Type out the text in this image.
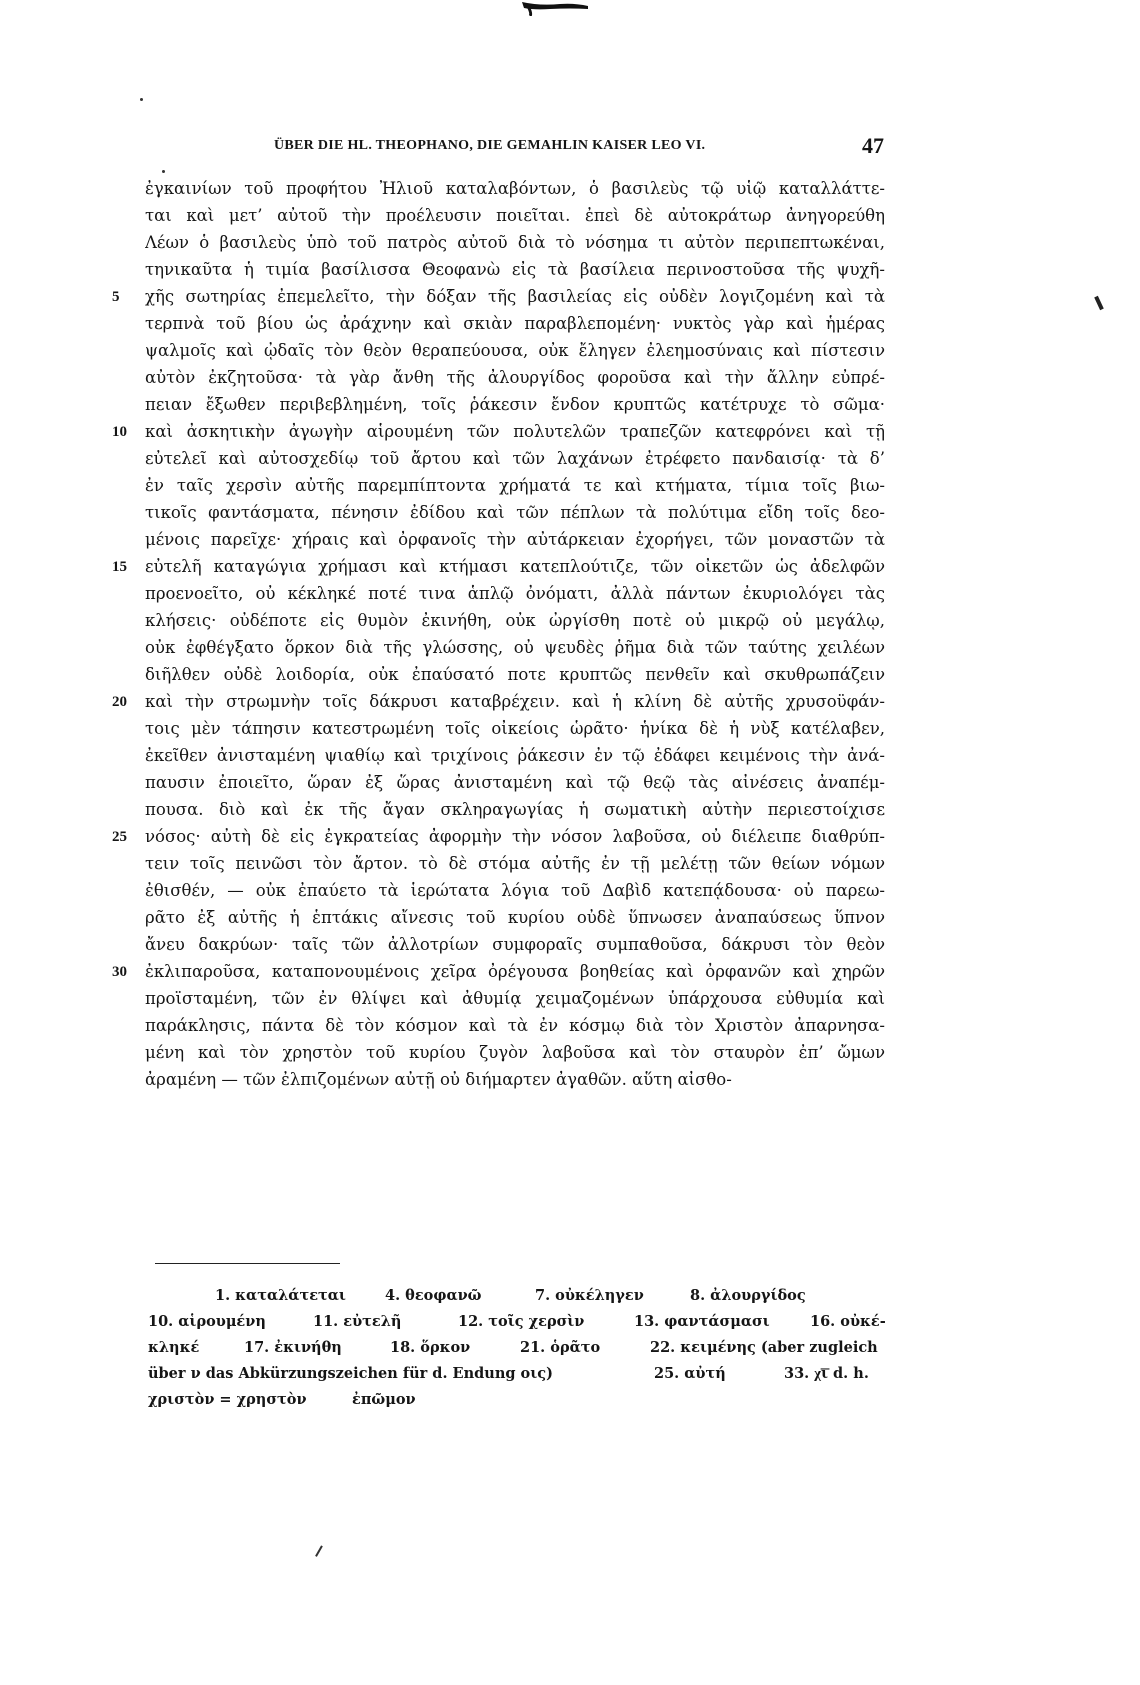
ÜBER DIE HL. THEOPHANO, DIE GEMAHLIN KAISER LEO VI.	47
ἐγκαινίων τοῦ προφήτου Ἠλιοῦ καταλαβόντων, ὁ βασιλεὺς τῷ υἱῷ καταλλάττε-
ται καὶ μετ’ αὐτοῦ τὴν προέλευσιν ποιεῖται. ἐπεὶ δὲ αὐτοκράτωρ ἀνηγορεύθη
Λέων ὁ βασιλεὺς ὑπὸ τοῦ πατρὸς αὐτοῦ διὰ τὸ νόσημα τι αὐτὸν περιπεπτωκέναι,
τηνικαῦτα ἡ τιμία βασίλισσα Θεοφανὼ εἰς τὰ βασίλεια περινοστοῦσα τῆς ψυχῆ-
χῆς σωτηρίας ἐπεμελεῖτο, τὴν δόξαν τῆς βασιλείας εἰς οὐδὲν λογιζομένη καὶ τὰ
τερπνὰ τοῦ βίου ὡς ἀράχνην καὶ σκιὰν παραβλεπομένη· νυκτὸς γὰρ καὶ ἡμέρας
ψαλμοῖς καὶ ᾠδαῖς τὸν θεὸν θεραπεύουσα, οὐκ ἔληγεν ἐλεημοσύναις καὶ πίστεσιν
αὐτὸν ἐκζητοῦσα· τὰ γὰρ ἄνθη τῆς ἀλουργίδος φοροῦσα καὶ τὴν ἄλλην εὐπρέ-
πειαν ἔξωθεν περιβεβλημένη, τοῖς ῥάκεσιν ἔνδον κρυπτῶς κατέτρυχε τὸ σῶμα·
καὶ ἀσκητικὴν ἀγωγὴν αἱρουμένη τῶν πολυτελῶν τραπεζῶν κατεφρόνει καὶ τῇ
εὐτελεῖ καὶ αὐτοσχεδίῳ τοῦ ἄρτου καὶ τῶν λαχάνων ἐτρέφετο πανδαισίᾳ· τὰ δ’
ἐν ταῖς χερσὶν αὐτῆς παρεμπίπτοντα χρήματά τε καὶ κτήματα, τίμια τοῖς βιω-
τικοῖς φαντάσματα, πένησιν ἐδίδου καὶ τῶν πέπλων τὰ πολύτιμα εἴδη τοῖς δεο-
μένοις παρεῖχε· χήραις καὶ ὀρφανοῖς τὴν αὐτάρκειαν ἐχορήγει, τῶν μοναστῶν τὰ
εὐτελῆ καταγώγια χρήμασι καὶ κτήμασι κατεπλούτιζε, τῶν οἰκετῶν ὡς ἀδελφῶν
προενοεῖτο, οὐ κέκληκέ ποτέ τινα ἁπλῷ ὀνόματι, ἀλλὰ πάντων ἐκυριολόγει τὰς
κλήσεις· οὐδέποτε εἰς θυμὸν ἐκινήθη, οὐκ ὠργίσθη ποτὲ οὐ μικρῷ οὐ μεγάλῳ,
οὐκ ἐφθέγξατο ὅρκον διὰ τῆς γλώσσης, οὐ ψευδὲς ῥῆμα διὰ τῶν ταύτης χειλέων
διῆλθεν οὐδὲ λοιδορία, οὐκ ἐπαύσατό ποτε κρυπτῶς πενθεῖν καὶ σκυθρωπάζειν
καὶ τὴν στρωμνὴν τοῖς δάκρυσι καταβρέχειν. καὶ ἡ κλίνη δὲ αὐτῆς χρυσοϋφάν-
τοις μὲν τάπησιν κατεστρωμένη τοῖς οἰκείοις ὡρᾶτο· ἡνίκα δὲ ἡ νὺξ κατέλαβεν,
ἐκεῖθεν ἀνισταμένη ψιαθίῳ καὶ τριχίνοις ῥάκεσιν ἐν τῷ ἐδάφει κειμένοις τὴν ἀνά-
παυσιν ἐποιεῖτο, ὥραν ἐξ ὥρας ἀνισταμένη καὶ τῷ θεῷ τὰς αἰνέσεις ἀναπέμ-
πουσα. διὸ καὶ ἐκ τῆς ἄγαν σκληραγωγίας ἡ σωματικὴ αὐτὴν περιεστοίχισε
νόσος· αὐτὴ δὲ εἰς ἐγκρατείας ἀφορμὴν τὴν νόσον λαβοῦσα, οὐ διέλειπε διαθρύπ-
τειν τοῖς πεινῶσι τὸν ἄρτον. τὸ δὲ στόμα αὐτῆς ἐν τῇ μελέτῃ τῶν θείων νόμων
ἐθισθέν, — οὐκ ἐπαύετο τὰ ἱερώτατα λόγια τοῦ Δαβὶδ κατεπᾴδουσα· οὐ παρεω-
ρᾶτο ἐξ αὐτῆς ἡ ἑπτάκις αἴνεσις τοῦ κυρίου οὐδὲ ὕπνωσεν ἀναπαύσεως ὕπνον
ἄνευ δακρύων· ταῖς τῶν ἀλλοτρίων συμφοραῖς συμπαθοῦσα, δάκρυσι τὸν θεὸν
ἐκλιπαροῦσα, καταπονουμένοις χεῖρα ὀρέγουσα βοηθείας καὶ ὀρφανῶν καὶ χηρῶν
προϊσταμένη, τῶν ἐν θλίψει καὶ ἀθυμίᾳ χειμαζομένων ὑπάρχουσα εὐθυμία καὶ
παράκλησις, πάντα δὲ τὸν κόσμον καὶ τὰ ἐν κόσμῳ διὰ τὸν Χριστὸν ἀπαρνησα-
μένη καὶ τὸν χρηστὸν τοῦ κυρίου ζυγὸν λαβοῦσα καὶ τὸν σταυρὸν ἐπ’ ὤμων
ἀραμένη — τῶν ἐλπιζομένων αὐτῇ οὐ διήμαρτεν ἀγαθῶν. αὕτη αἰσθο-
5
10
15
20
25
30
1. καταλάτεται	4. θεοφανῶ	7. οὐκέληγεν	8. ἀλουργίδος
10. αἱρουμένη	11. εὐτελῆ	12. τοῖς χερσὶν	13. φαντάσμασι	16. οὐκέ-
κληκέ	17. ἐκινήθη	18. ὅρκον	21. ὁρᾶτο	22. κειμένης (aber zugleich
über ν das Abkürzungszeichen für d. Endung οις)	25. αὐτή	33. χ͞ι d. h.
χριστὸν = χρηστὸν	ἐπῶμον
